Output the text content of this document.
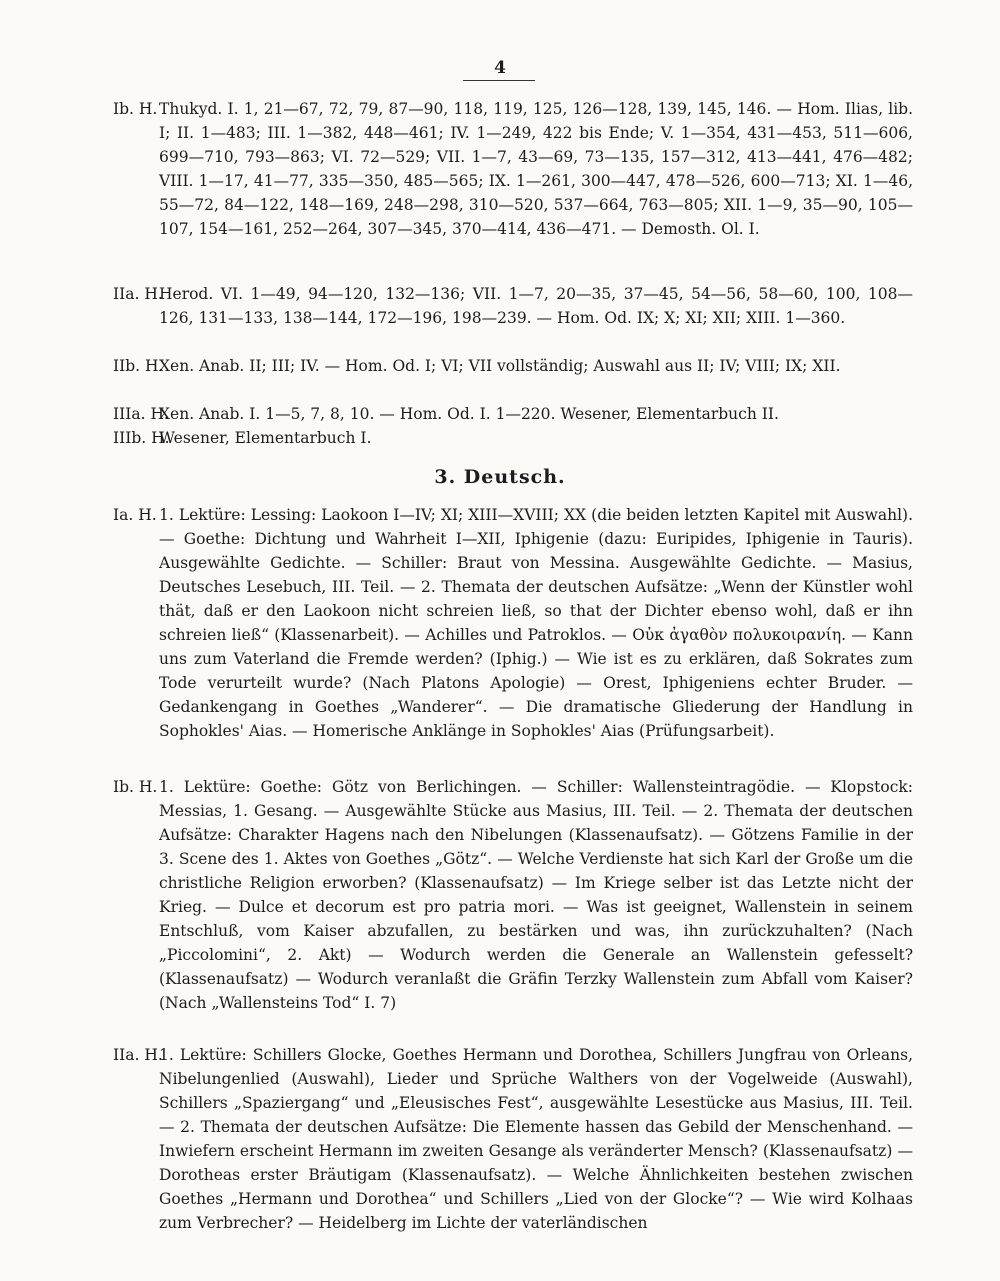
4
Ib. H. Thukyd. I. 1, 21—67, 72, 79, 87—90, 118, 119, 125, 126—128, 139, 145, 146. — Hom. Ilias, lib. I; II. 1—483; III. 1—382, 448—461; IV. 1—249, 422 bis Ende; V. 1—354, 431—453, 511—606, 699—710, 793—863; VI. 72—529; VII. 1—7, 43—69, 73—135, 157—312, 413—441, 476—482; VIII. 1—17, 41—77, 335—350, 485—565; IX. 1—261, 300—447, 478—526, 600—713; XI. 1—46, 55—72, 84—122, 148—169, 248—298, 310—520, 537—664, 763—805; XII. 1—9, 35—90, 105—107, 154—161, 252—264, 307—345, 370—414, 436—471. — Demosth. Ol. I.
IIa. H.
Herod. VI. 1—49, 94—120, 132—136; VII. 1—7, 20—35, 37—45, 54—56, 58—60, 100, 108—126, 131—133, 138—144, 172—196, 198—239. — Hom. Od. IX; X; XI; XII; XIII. 1—360.
IIb. H.
Xen. Anab. II; III; IV. — Hom. Od. I; VI; VII vollständig; Auswahl aus II; IV; VIII; IX; XII.
IIIa. H.
Xen. Anab. I. 1—5, 7, 8, 10. — Hom. Od. I. 1—220. Wesener, Elementarbuch II.
IIIb. H.
Wesener, Elementarbuch I.
3. Deutsch.
Ia. H. 1. Lektüre: Lessing: Laokoon I—IV; XI; XIII—XVIII; XX (die beiden letzten Kapitel mit Auswahl). — Goethe: Dichtung und Wahrheit I—XII, Iphigenie (dazu: Euripides, Iphigenie in Tauris). Ausgewählte Gedichte. — Schiller: Braut von Messina. Ausgewählte Gedichte. — Masius, Deutsches Lesebuch, III. Teil. — 2. Themata der deutschen Aufsätze: „Wenn der Künstler wohl thät, daß er den Laokoon nicht schreien ließ, so that der Dichter ebenso wohl, daß er ihn schreien ließ“ (Klassenarbeit). — Achilles und Patroklos. — Οὐκ ἀγαθὸν πολυκοιρανίη. — Kann uns zum Vaterland die Fremde werden? (Iphig.) — Wie ist es zu erklären, daß Sokrates zum Tode verurteilt wurde? (Nach Platons Apologie) — Orest, Iphigeniens echter Bruder. — Gedankengang in Goethes „Wanderer“. — Die dramatische Gliederung der Handlung in Sophokles' Aias. — Homerische Anklänge in Sophokles' Aias (Prüfungsarbeit).
Ib. H. 1. Lektüre: Goethe: Götz von Berlichingen. — Schiller: Wallensteintragödie. — Klopstock: Messias, 1. Gesang. — Ausgewählte Stücke aus Masius, III. Teil. — 2. Themata der deutschen Aufsätze: Charakter Hagens nach den Nibelungen (Klassenaufsatz). — Götzens Familie in der 3. Scene des 1. Aktes von Goethes „Götz“. — Welche Verdienste hat sich Karl der Große um die christliche Religion erworben? (Klassenaufsatz) — Im Kriege selber ist das Letzte nicht der Krieg. — Dulce et decorum est pro patria mori. — Was ist geeignet, Wallenstein in seinem Entschluß, vom Kaiser abzufallen, zu bestärken und was, ihn zurückzuhalten? (Nach „Piccolomini“, 2. Akt) — Wodurch werden die Generale an Wallenstein gefesselt? (Klassenaufsatz) — Wodurch veranlaßt die Gräfin Terzky Wallenstein zum Abfall vom Kaiser? (Nach „Wallensteins Tod“ I. 7)
IIa. H.
1. Lektüre: Schillers Glocke, Goethes Hermann und Dorothea, Schillers Jungfrau von Orleans, Nibelungenlied (Auswahl), Lieder und Sprüche Walthers von der Vogelweide (Auswahl), Schillers „Spaziergang“ und „Eleusisches Fest“, ausgewählte Lesestücke aus Masius, III. Teil. — 2. Themata der deutschen Aufsätze: Die Elemente hassen das Gebild der Menschenhand. — Inwiefern erscheint Hermann im zweiten Gesange als veränderter Mensch? (Klassenaufsatz) — Dorotheas erster Bräutigam (Klassenaufsatz). — Welche Ähnlichkeiten bestehen zwischen Goethes „Hermann und Dorothea“ und Schillers „Lied von der Glocke“? — Wie wird Kolhaas zum Verbrecher? — Heidelberg im Lichte der vaterländischen
